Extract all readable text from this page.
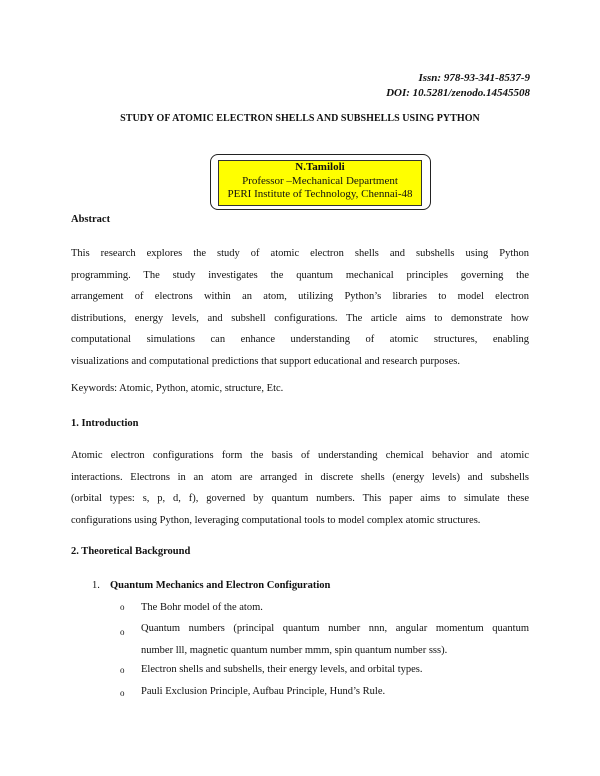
Issn: 978-93-341-8537-9
DOI: 10.5281/zenodo.14545508
STUDY OF ATOMIC ELECTRON SHELLS AND SUBSHELLS USING PYTHON
N.Tamiloli
Professor –Mechanical Department
PERI Institute of Technology, Chennai-48
Abstract
This research explores the study of atomic electron shells and subshells using Python
programming. The study investigates the quantum mechanical principles governing the
arrangement of electrons within an atom, utilizing Python’s libraries to model electron
distributions, energy levels, and subshell configurations. The article aims to demonstrate how
computational simulations can enhance understanding of atomic structures, enabling
visualizations and computational predictions that support educational and research purposes.
Keywords: Atomic, Python, atomic, structure, Etc.
1. Introduction
Atomic electron configurations form the basis of understanding chemical behavior and atomic
interactions. Electrons in an atom are arranged in discrete shells (energy levels) and subshells
(orbital types: s, p, d, f), governed by quantum numbers. This paper aims to simulate these
configurations using Python, leveraging computational tools to model complex atomic structures.
2. Theoretical Background
1. Quantum Mechanics and Electron Configuration
o The Bohr model of the atom.
o Quantum numbers (principal quantum number nnn, angular momentum quantum
number lll, magnetic quantum number mmm, spin quantum number sss).
o Electron shells and subshells, their energy levels, and orbital types.
o Pauli Exclusion Principle, Aufbau Principle, Hund’s Rule.
